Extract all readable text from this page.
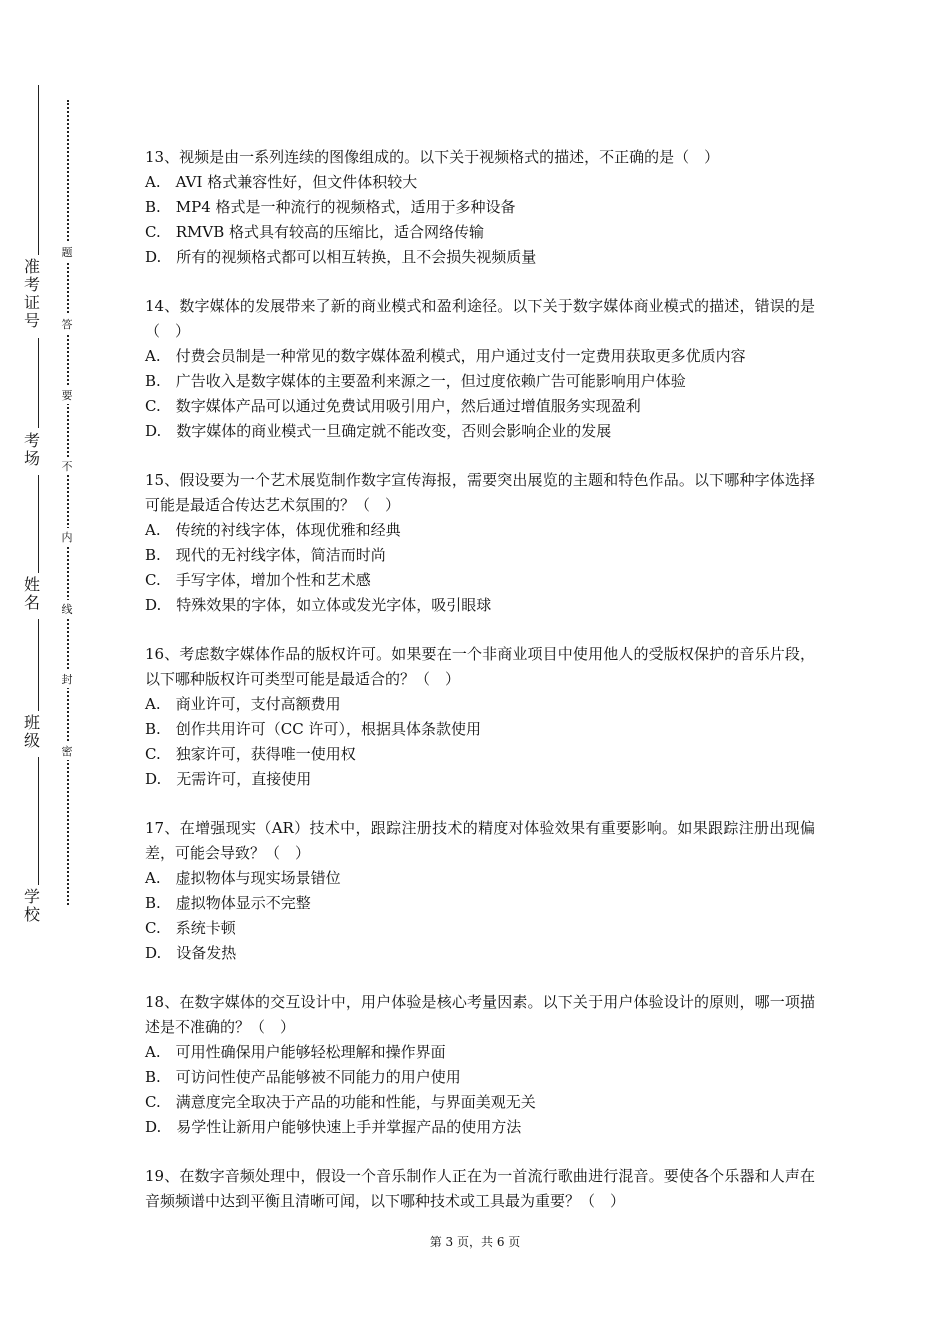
准考证号
考场
姓名
班级
学校
题
答
要
不
内
线
封
密

13、视频是由一系列连续的图像组成的。以下关于视频格式的描述，不正确的是（　）

A.　AVI 格式兼容性好，但文件体积较大

B.　MP4 格式是一种流行的视频格式，适用于多种设备

C.　RMVB 格式具有较高的压缩比，适合网络传输

D.　所有的视频格式都可以相互转换，且不会损失视频质量

14、数字媒体的发展带来了新的商业模式和盈利途径。以下关于数字媒体商业模式的描述，错误的是（　）

A.　付费会员制是一种常见的数字媒体盈利模式，用户通过支付一定费用获取更多优质内容

B.　广告收入是数字媒体的主要盈利来源之一，但过度依赖广告可能影响用户体验

C.　数字媒体产品可以通过免费试用吸引用户，然后通过增值服务实现盈利

D.　数字媒体的商业模式一旦确定就不能改变，否则会影响企业的发展

15、假设要为一个艺术展览制作数字宣传海报，需要突出展览的主题和特色作品。以下哪种字体选择可能是最适合传达艺术氛围的？（　）

A.　传统的衬线字体，体现优雅和经典

B.　现代的无衬线字体，简洁而时尚

C.　手写字体，增加个性和艺术感

D.　特殊效果的字体，如立体或发光字体，吸引眼球

16、考虑数字媒体作品的版权许可。如果要在一个非商业项目中使用他人的受版权保护的音乐片段，以下哪种版权许可类型可能是最适合的？（　）

A.　商业许可，支付高额费用

B.　创作共用许可（CC 许可），根据具体条款使用

C.　独家许可，获得唯一使用权

D.　无需许可，直接使用

17、在增强现实（AR）技术中，跟踪注册技术的精度对体验效果有重要影响。如果跟踪注册出现偏差，可能会导致？（　）

A.　虚拟物体与现实场景错位

B.　虚拟物体显示不完整

C.　系统卡顿

D.　设备发热

18、在数字媒体的交互设计中，用户体验是核心考量因素。以下关于用户体验设计的原则，哪一项描述是不准确的？（　）

A.　可用性确保用户能够轻松理解和操作界面

B.　可访问性使产品能够被不同能力的用户使用

C.　满意度完全取决于产品的功能和性能，与界面美观无关

D.　易学性让新用户能够快速上手并掌握产品的使用方法

19、在数字音频处理中，假设一个音乐制作人正在为一首流行歌曲进行混音。要使各个乐器和人声在音频频谱中达到平衡且清晰可闻，以下哪种技术或工具最为重要？（　）

第 3 页，共 6 页
